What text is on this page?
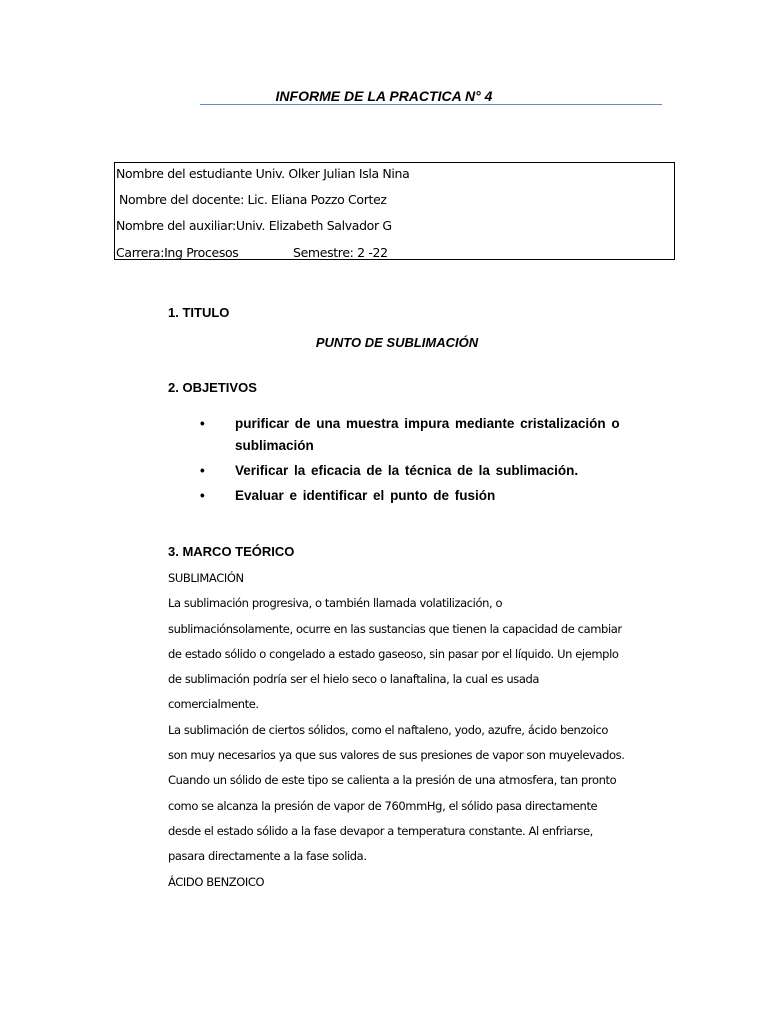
INFORME DE LA PRACTICA N° 4
Nombre del estudiante Univ. Olker Julian Isla Nina
Nombre del docente: Lic. Eliana Pozzo Cortez
Nombre del auxiliar:Univ. Elizabeth Salvador G
Carrera:Ing Procesos	Semestre: 2 -22
1. TITULO
PUNTO DE SUBLIMACIÓN
2. OBJETIVOS
•	purificar de una muestra impura mediante cristalización o
sublimación
•	Verificar la eficacia de la técnica de la sublimación.
•	Evaluar e identificar el punto de fusión
3. MARCO TEÓRICO

SUBLIMACIÓN

La sublimación progresiva, o también llamada volatilización, o

sublimaciónsolamente, ocurre en las sustancias que tienen la capacidad de cambiar

de estado sólido o congelado a estado gaseoso, sin pasar por el líquido. Un ejemplo

de sublimación podría ser el hielo seco o lanaftalina, la cual es usada

comercialmente.

La sublimación de ciertos sólidos, como el naftaleno, yodo, azufre, ácido benzoico

son muy necesarios ya que sus valores de sus presiones de vapor son muyelevados.

Cuando un sólido de este tipo se calienta a la presión de una atmosfera, tan pronto

como se alcanza la presión de vapor de 760mmHg, el sólido pasa directamente

desde el estado sólido a la fase devapor a temperatura constante. Al enfriarse,

pasara directamente a la fase solida.

ÁCIDO BENZOICO
